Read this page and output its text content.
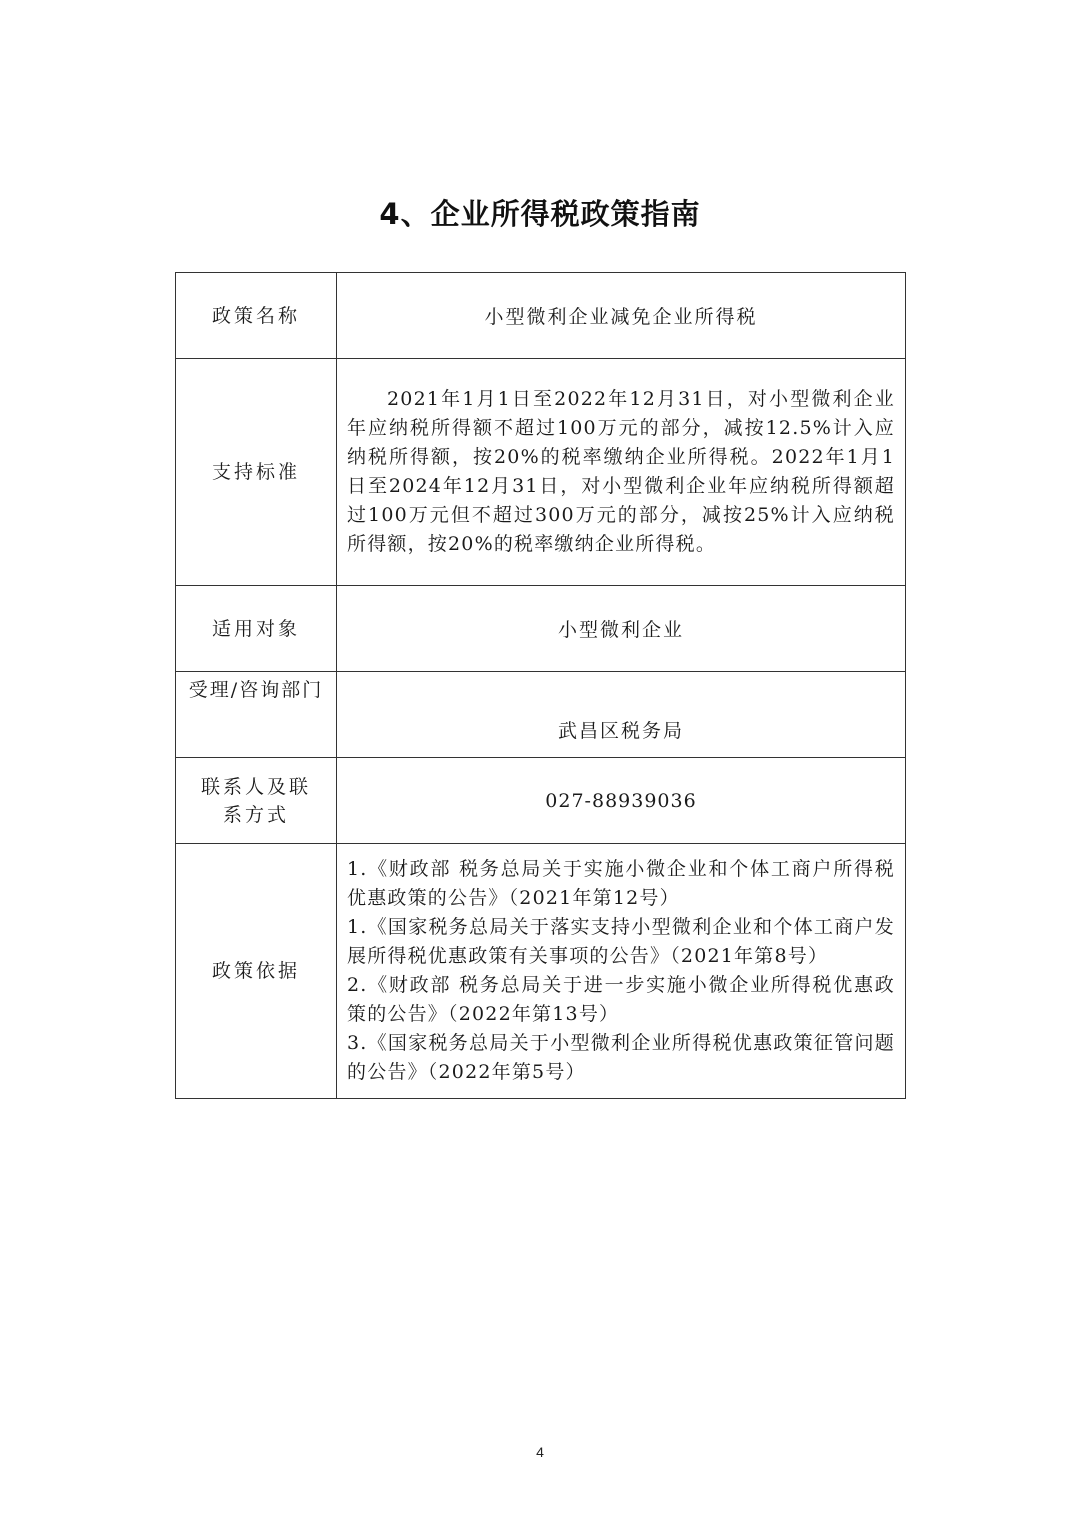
4、企业所得税政策指南
政策名称	小型微利企业减免企业所得税
支持标准	2021年1月1日至2022年12月31日，对小型微利企业年应纳税所得额不超过100万元的部分，减按12.5%计入应纳税所得额，按20%的税率缴纳企业所得税。2022年1月1日至2024年12月31日，对小型微利企业年应纳税所得额超过100万元但不超过300万元的部分，减按25%计入应纳税所得额，按20%的税率缴纳企业所得税。

适用对象	小型微利企业
受理/咨询部门	武昌区税务局
联系人及联系方式	027-88939036
政策依据	1.《财政部 税务总局关于实施小微企业和个体工商户所得税优惠政策的公告》（2021年第12号）
1.《国家税务总局关于落实支持小型微利企业和个体工商户发展所得税优惠政策有关事项的公告》（2021年第8号）
2.《财政部 税务总局关于进一步实施小微企业所得税优惠政策的公告》（2022年第13号）
3.《国家税务总局关于小型微利企业所得税优惠政策征管问题的公告》（2022年第5号）
4
